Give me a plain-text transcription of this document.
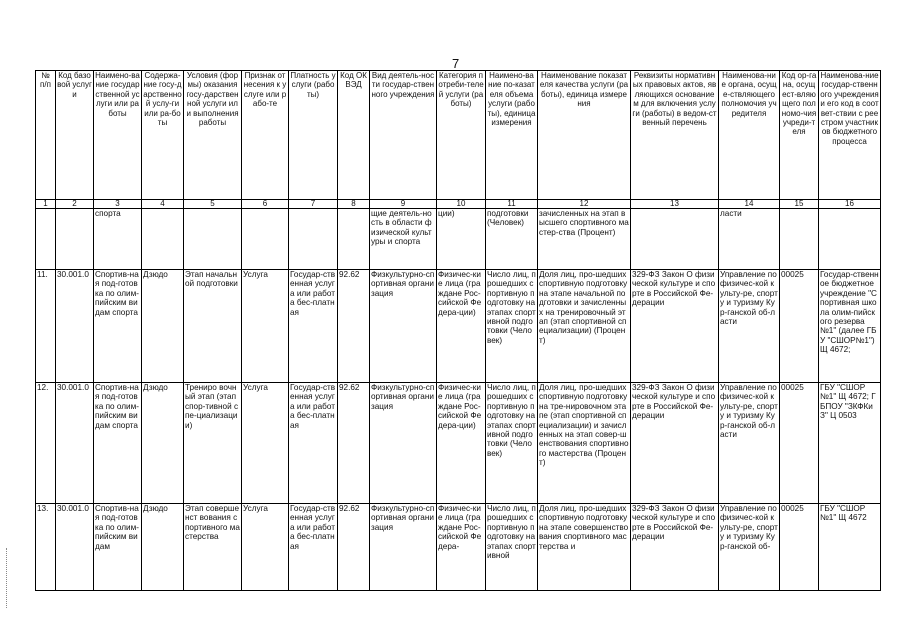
7
№ п/п	Код базовой услуги	Наимено-вание государственной услуги или работы	Содержа-ние госу-дарственной услу-ги или ра-боты	Условия (формы) оказания госу-дарственной услуги или выполнения работы	Признак отнесения к услуге или рабо-те	Платность услуги (работы)	Код ОКВЭД	Вид деятель-ности государ-ственного учреждения	Категория потреби-телей услуги (работы)	Наимено-вание по-казателя объема услуги (работы), единица измерения	Наименование показателя качества услуги (работы), единица измерения	Реквизиты нормативных правовых актов, являющихся основанием для включения услуги (работы) в ведом-ственный перечень	Наименова-ние органа, осуще-ствляющего полномочия учредителя	Код ор-гана, осущест-вляющего полномо-чия учреди-теля	Наименова-ние государ-ственного учреждения и его код в соответ-ствии с реестром участников бюджетного процесса
1	2	3	4	5	6	7	8	9	10	11	12	13	14	15	16
		спорта						щие деятель-ность в области физической культуры и спорта	ции)	подготовки (Человек)	зачисленных на этап высшего спортивного мастер-ства (Процент)		ласти		
11.	30.001.0	Спортив-ная под-готовка по олим-пийским видам спорта	Дзюдо	Этап начальной подготовки	Услуга	Государ-ственная услуга или работа бес-платная	92.62	Физкультурно-спортивная организация	Физичес-кие лица (граждане Рос-сийской Федера-ции)	Число лиц, прошедших спортивную подготовку на этапах спортивной подготовки (Человек)	Доля лиц, про-шедших спортивную подготовку на этапе начальной подготовки и зачисленных на тренировочный этап (этап спортивной специализации) (Процент)	329-ФЗ Закон О физической культуре и спорте в Российской Фе-дерации	Управление по физичес-кой культу-ре, спорту и туризму Кур-ганской об-ласти	00025	Государ-ственное бюджетное учреждение "Спортивная школа олим-пийского резерва №1" (далее ГБУ "СШОР№1") Щ 4672;
12.	30.001.0	Спортив-ная под-готовка по олим-пийским видам спорта	Дзюдо	Трениро вочный этап (этап спор-тивной спе-циализации)	Услуга	Государ-ственная услуга или работа бес-платная	92.62	Физкультурно-спортивная организация	Физичес-кие лица (граждане Рос-сийской Федера-ции)	Число лиц, прошедших спортивную подготовку на этапах спортивной подготовки (Человек)	Доля лиц, про-шедших спортивную подготовку на тре-нировочном этапе (этап спортивной специализации) и зачисленных на этап совер-шенствования спортивного мастерства (Процент)	329-ФЗ Закон О физической культуре и спорте в Российской Фе-дерации	Управление по физичес-кой культу-ре, спорту и туризму Кур-ганской об-ласти	00025	ГБУ "СШОР№1" Щ 4672; ГБПОУ "ЗКФКиЗ" Ц 0503
13.	30.001.0	Спортив-ная под-готовка по олим-пийским видам	Дзюдо	Этап совершенст вования спортивного мастерства	Услуга	Государ-ственная услуга или работа бес-платная	92.62	Физкультурно-спортивная организация	Физичес-кие лица (граждане Рос-сийской Федера-	Число лиц, прошедших спортивную подготовку на этапах спортивной	Доля лиц, про-шедших спортивную подготовку на этапе совершенствования спортивного мастерства и	329-ФЗ Закон О физической культуре и спорте в Российской Фе-дерации	Управление по физичес-кой культу-ре, спорту и туризму Кур-ганской об-	00025	ГБУ "СШОР№1" Щ 4672
